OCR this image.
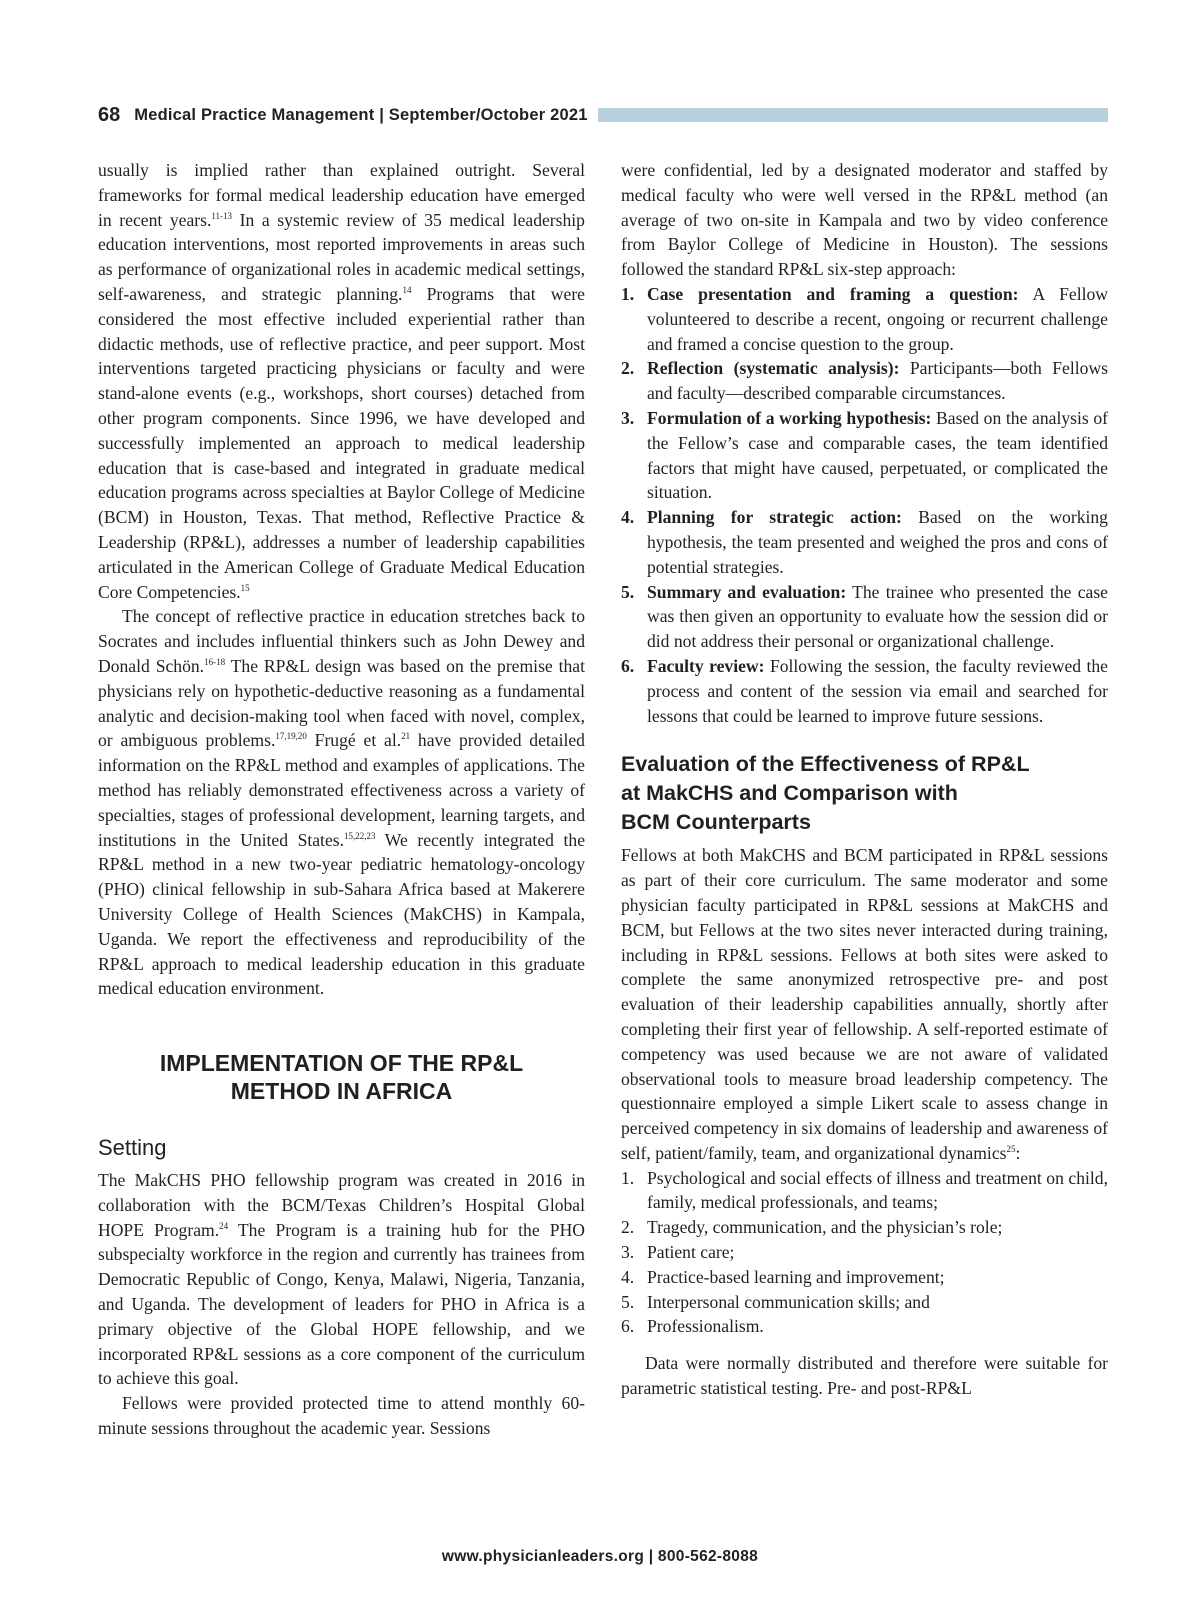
68 Medical Practice Management | September/October 2021

usually is implied rather than explained outright. Several frameworks for formal medical leadership education have emerged in recent years.$^{11-13}$ In a systemic review of 35 medical leadership education interventions, most reported improvements in areas such as performance of organizational roles in academic medical settings, self-awareness, and strategic planning.$^{14}$ Programs that were considered the most effective included experiential rather than didactic methods, use of reflective practice, and peer support. Most interventions targeted practicing physicians or faculty and were stand-alone events (e.g., workshops, short courses) detached from other program components. Since 1996, we have developed and successfully implemented an approach to medical leadership education that is case-based and integrated in graduate medical education programs across specialties at Baylor College of Medicine (BCM) in Houston, Texas. That method, Reflective Practice & Leadership (RP&L), addresses a number of leadership capabilities articulated in the American College of Graduate Medical Education Core Competencies.$^{15}$

The concept of reflective practice in education stretches back to Socrates and includes influential thinkers such as John Dewey and Donald Schön.$^{16-18}$ The RP&L design was based on the premise that physicians rely on hypothetic-deductive reasoning as a fundamental analytic and decision-making tool when faced with novel, complex, or ambiguous problems.$^{17,19,20}$ Frugé et al.$^{21}$ have provided detailed information on the RP&L method and examples of applications. The method has reliably demonstrated effectiveness across a variety of specialties, stages of professional development, learning targets, and institutions in the United States.$^{15,22,23}$ We recently integrated the RP&L method in a new two-year pediatric hematology-oncology (PHO) clinical fellowship in sub-Sahara Africa based at Makerere University College of Health Sciences (MakCHS) in Kampala, Uganda. We report the effectiveness and reproducibility of the RP&L approach to medical leadership education in this graduate medical education environment.

IMPLEMENTATION OF THE RP&L
METHOD IN AFRICA
Setting

The MakCHS PHO fellowship program was created in 2016 in collaboration with the BCM/Texas Children’s Hospital Global HOPE Program.$^{24}$ The Program is a training hub for the PHO subspecialty workforce in the region and currently has trainees from Democratic Republic of Congo, Kenya, Malawi, Nigeria, Tanzania, and Uganda. The development of leaders for PHO in Africa is a primary objective of the Global HOPE fellowship, and we incorporated RP&L sessions as a core component of the curriculum to achieve this goal.

Fellows were provided protected time to attend monthly 60-minute sessions throughout the academic year. Sessions

were confidential, led by a designated moderator and staffed by medical faculty who were well versed in the RP&L method (an average of two on-site in Kampala and two by video conference from Baylor College of Medicine in Houston). The sessions followed the standard RP&L six-step approach:

1. Case presentation and framing a question: A Fellow volunteered to describe a recent, ongoing or recurrent challenge and framed a concise question to the group.
2. Reflection (systematic analysis): Participants—both Fellows and faculty—described comparable circumstances.
3. Formulation of a working hypothesis: Based on the analysis of the Fellow’s case and comparable cases, the team identified factors that might have caused, perpetuated, or complicated the situation.
4. Planning for strategic action: Based on the working hypothesis, the team presented and weighed the pros and cons of potential strategies.
5. Summary and evaluation: The trainee who presented the case was then given an opportunity to evaluate how the session did or did not address their personal or organizational challenge.
6. Faculty review: Following the session, the faculty reviewed the process and content of the session via email and searched for lessons that could be learned to improve future sessions.
Evaluation of the Effectiveness of RP&L
at MakCHS and Comparison with
BCM Counterparts

Fellows at both MakCHS and BCM participated in RP&L sessions as part of their core curriculum. The same moderator and some physician faculty participated in RP&L sessions at MakCHS and BCM, but Fellows at the two sites never interacted during training, including in RP&L sessions. Fellows at both sites were asked to complete the same anonymized retrospective pre- and post evaluation of their leadership capabilities annually, shortly after completing their first year of fellowship. A self-reported estimate of competency was used because we are not aware of validated observational tools to measure broad leadership competency. The questionnaire employed a simple Likert scale to assess change in perceived competency in six domains of leadership and awareness of self, patient/family, team, and organizational dynamics$^{25}$:

1. Psychological and social effects of illness and treatment on child, family, medical professionals, and teams;
2. Tragedy, communication, and the physician’s role;
3. Patient care;
4. Practice-based learning and improvement;
5. Interpersonal communication skills; and
6. Professionalism.

Data were normally distributed and therefore were suitable for parametric statistical testing. Pre- and post-RP&L

www.physicianleaders.org | 800-562-8088
